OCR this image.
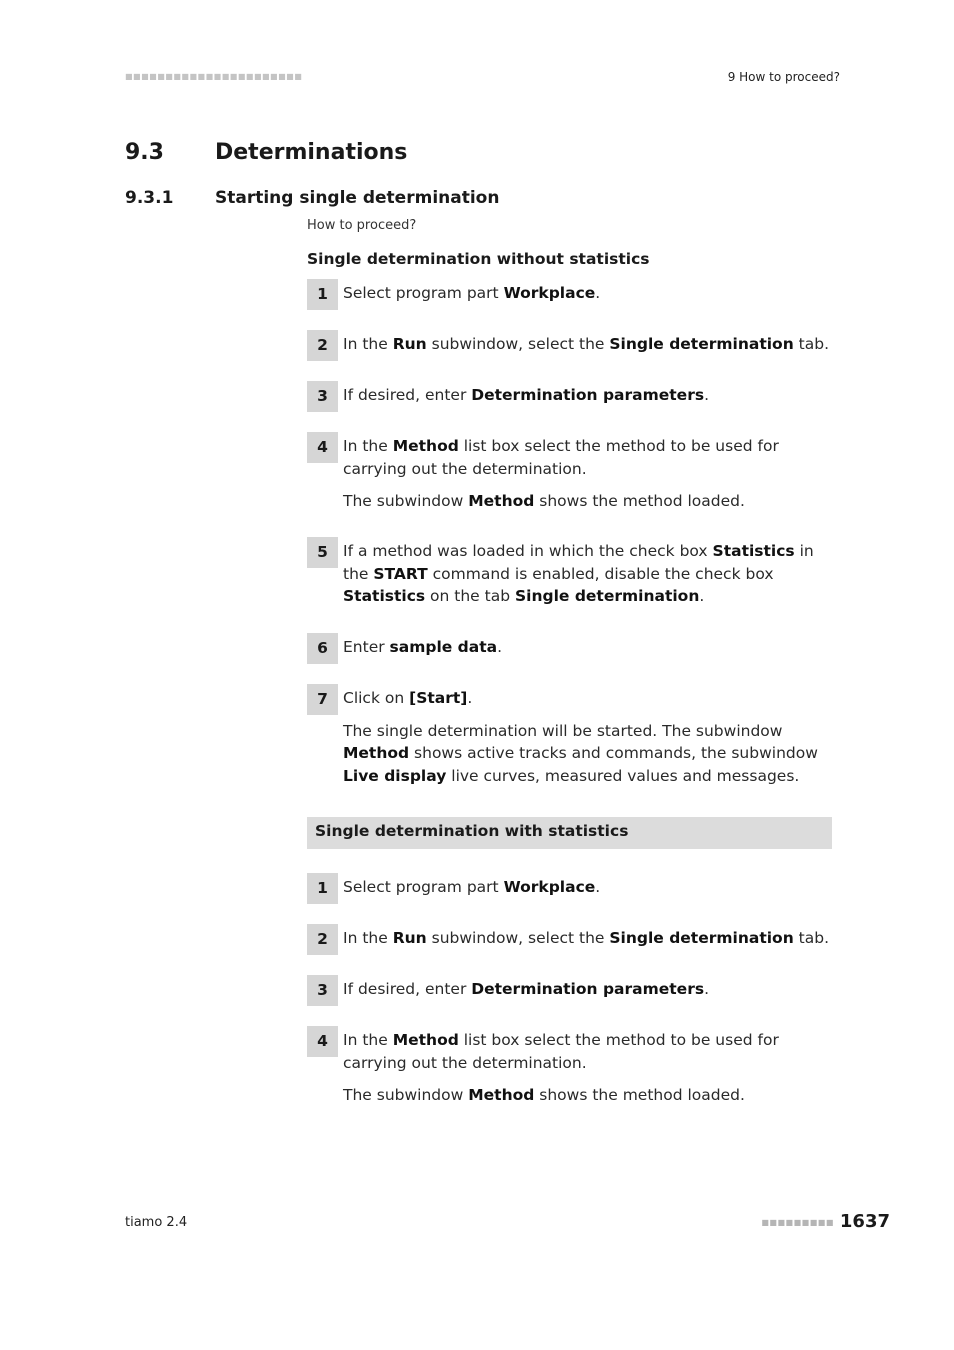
■■■■■■■■■■■■■■■■■■■■■■	9 How to proceed?
9.3 Determinations
9.3.1 Starting single determination
How to proceed?
Single determination without statistics
1 Select program part Workplace.

2 In the Run subwindow, select the Single determination tab.

3 If desired, enter Determination parameters.

4 In the Method list box select the method to be used for carrying out the determination.

The subwindow Method shows the method loaded.

5 If a method was loaded in which the check box Statistics in the START command is enabled, disable the check box Statistics on the tab Single determination.

6 Enter sample data.

7 Click on [Start].

The single determination will be started. The subwindow Method shows active tracks and commands, the subwindow Live display live curves, measured values and messages.

Single determination with statistics
1 Select program part Workplace.

2 In the Run subwindow, select the Single determination tab.

3 If desired, enter Determination parameters.

4 In the Method list box select the method to be used for carrying out the determination.

The subwindow Method shows the method loaded.

tiamo 2.4	■■■■■■■■■ 1637
